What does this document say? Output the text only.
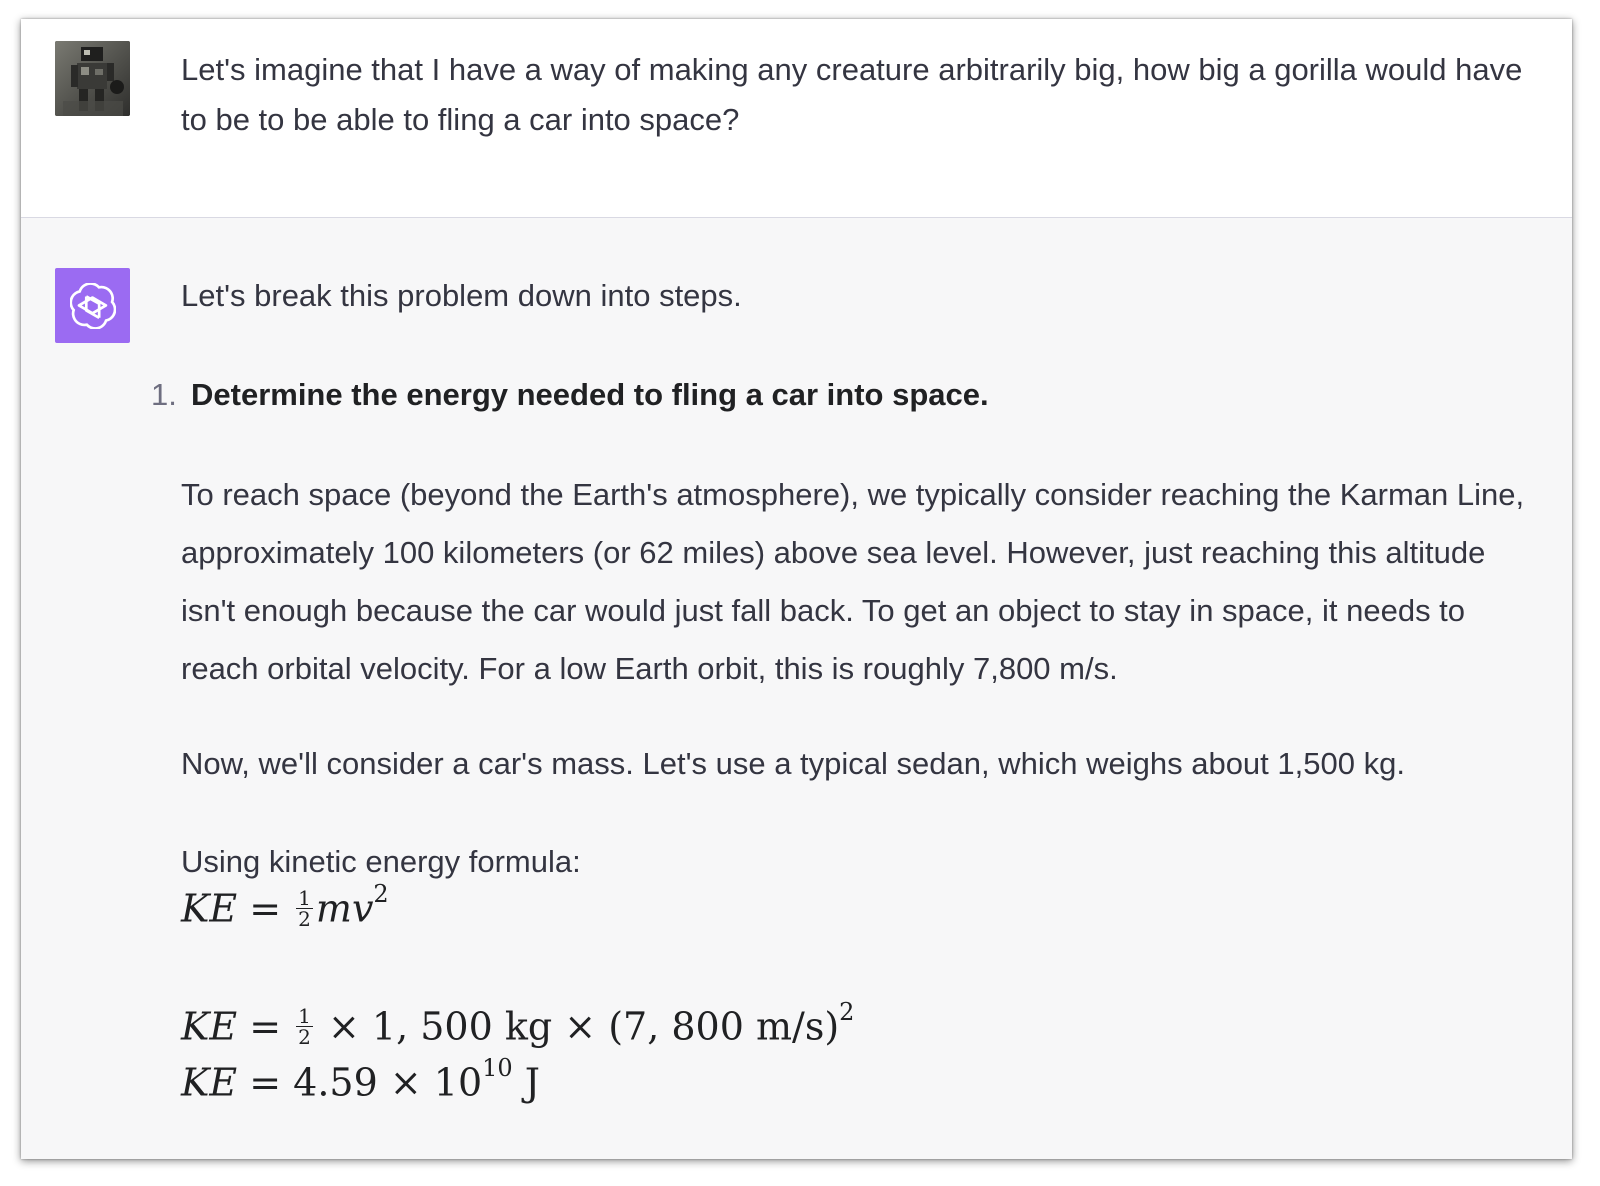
Let's imagine that I have a way of making any creature arbitrarily big, how big a gorilla would have to be to be able to fling a car into space?

Let's break this problem down into steps.

1. Determine the energy needed to fling a car into space.

To reach space (beyond the Earth's atmosphere), we typically consider reaching the Karman Line, approximately 100 kilometers (or 62 miles) above sea level. However, just reaching this altitude isn't enough because the car would just fall back. To get an object to stay in space, it needs to reach orbital velocity. For a low Earth orbit, this is roughly 7,800 m/s.

Now, we'll consider a car's mass. Let's use a typical sedan, which weighs about 1,500 kg.

Using kinetic energy formula:

KE = $\frac{1}{2} mv^2$
KE = $\frac{1}{2} \times 1$, 500 kg × (7, 800 m/s)$^2$
KE = $4.59 \times 10^{10}$ J
